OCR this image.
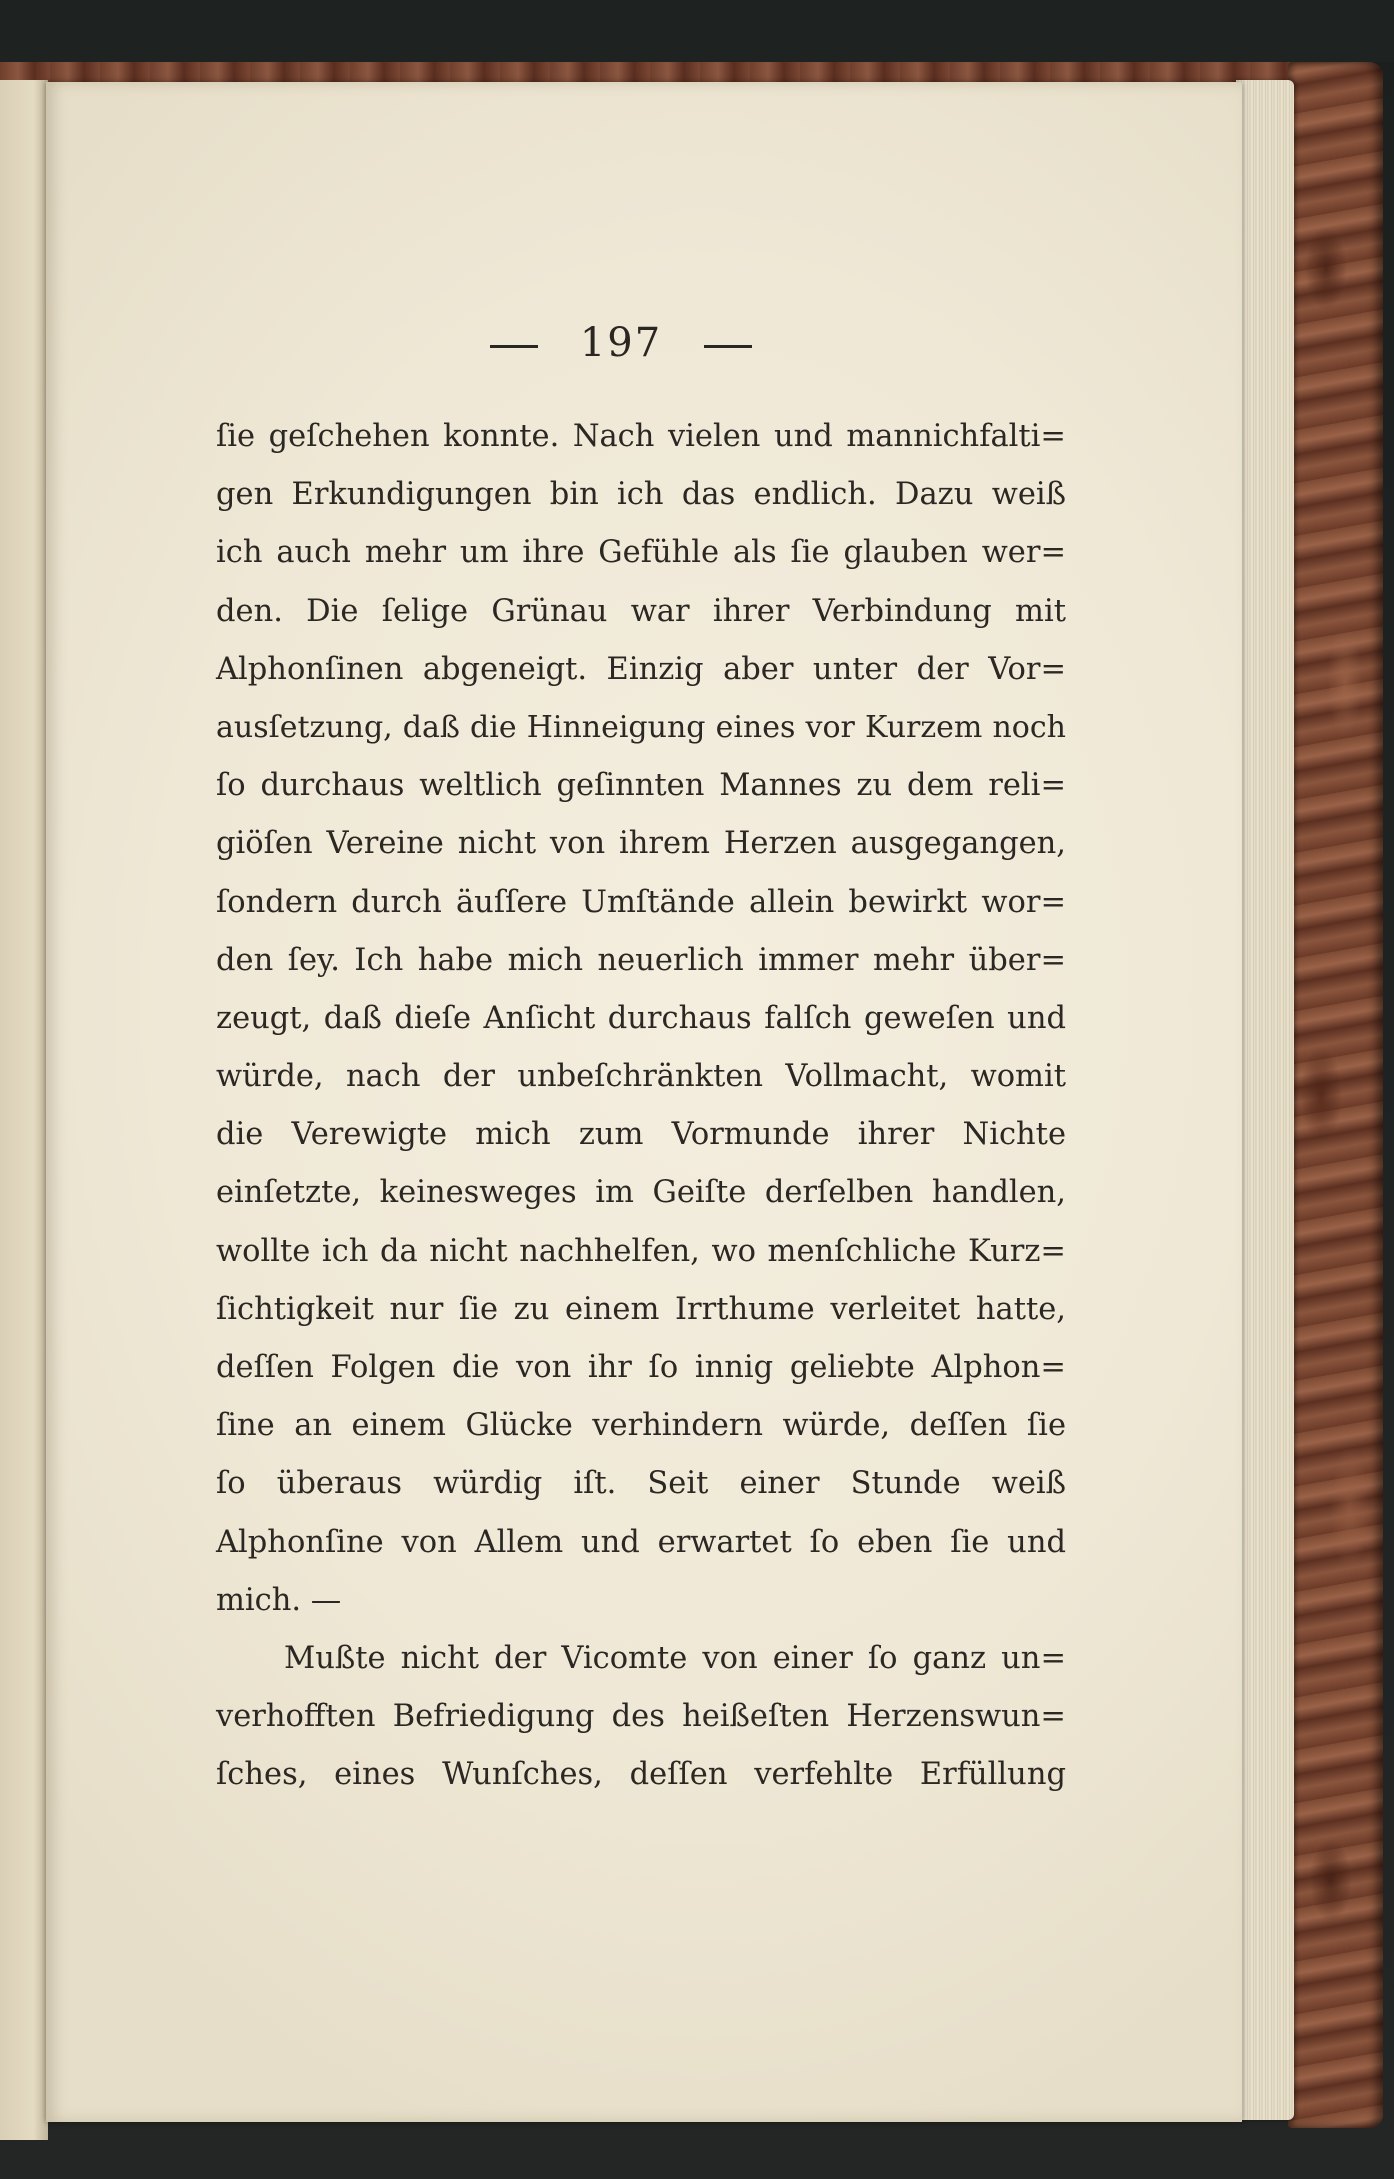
197
ſie geſchehen konnte. Nach vielen und mannichfalti=
gen Erkundigungen bin ich das endlich. Dazu weiß
ich auch mehr um ihre Gefühle als ſie glauben wer=
den. Die ſelige Grünau war ihrer Verbindung mit
Alphonſinen abgeneigt. Einzig aber unter der Vor=
ausſetzung, daß die Hinneigung eines vor Kurzem noch
ſo durchaus weltlich geſinnten Mannes zu dem reli=
giöſen Vereine nicht von ihrem Herzen ausgegangen,
ſondern durch äuſſere Umſtände allein bewirkt wor=
den ſey. Ich habe mich neuerlich immer mehr über=
zeugt, daß dieſe Anſicht durchaus falſch geweſen und
würde, nach der unbeſchränkten Vollmacht, womit
die Verewigte mich zum Vormunde ihrer Nichte
einſetzte, keinesweges im Geiſte derſelben handlen,
wollte ich da nicht nachhelfen, wo menſchliche Kurz=
ſichtigkeit nur ſie zu einem Irrthume verleitet hatte,
deſſen Folgen die von ihr ſo innig geliebte Alphon=
ſine an einem Glücke verhindern würde, deſſen ſie
ſo überaus würdig iſt. Seit einer Stunde weiß
Alphonſine von Allem und erwartet ſo eben ſie und
mich. —
Mußte nicht der Vicomte von einer ſo ganz un=
verhofften Befriedigung des heißeſten Herzenswun=
ſches, eines Wunſches, deſſen verfehlte Erfüllung
